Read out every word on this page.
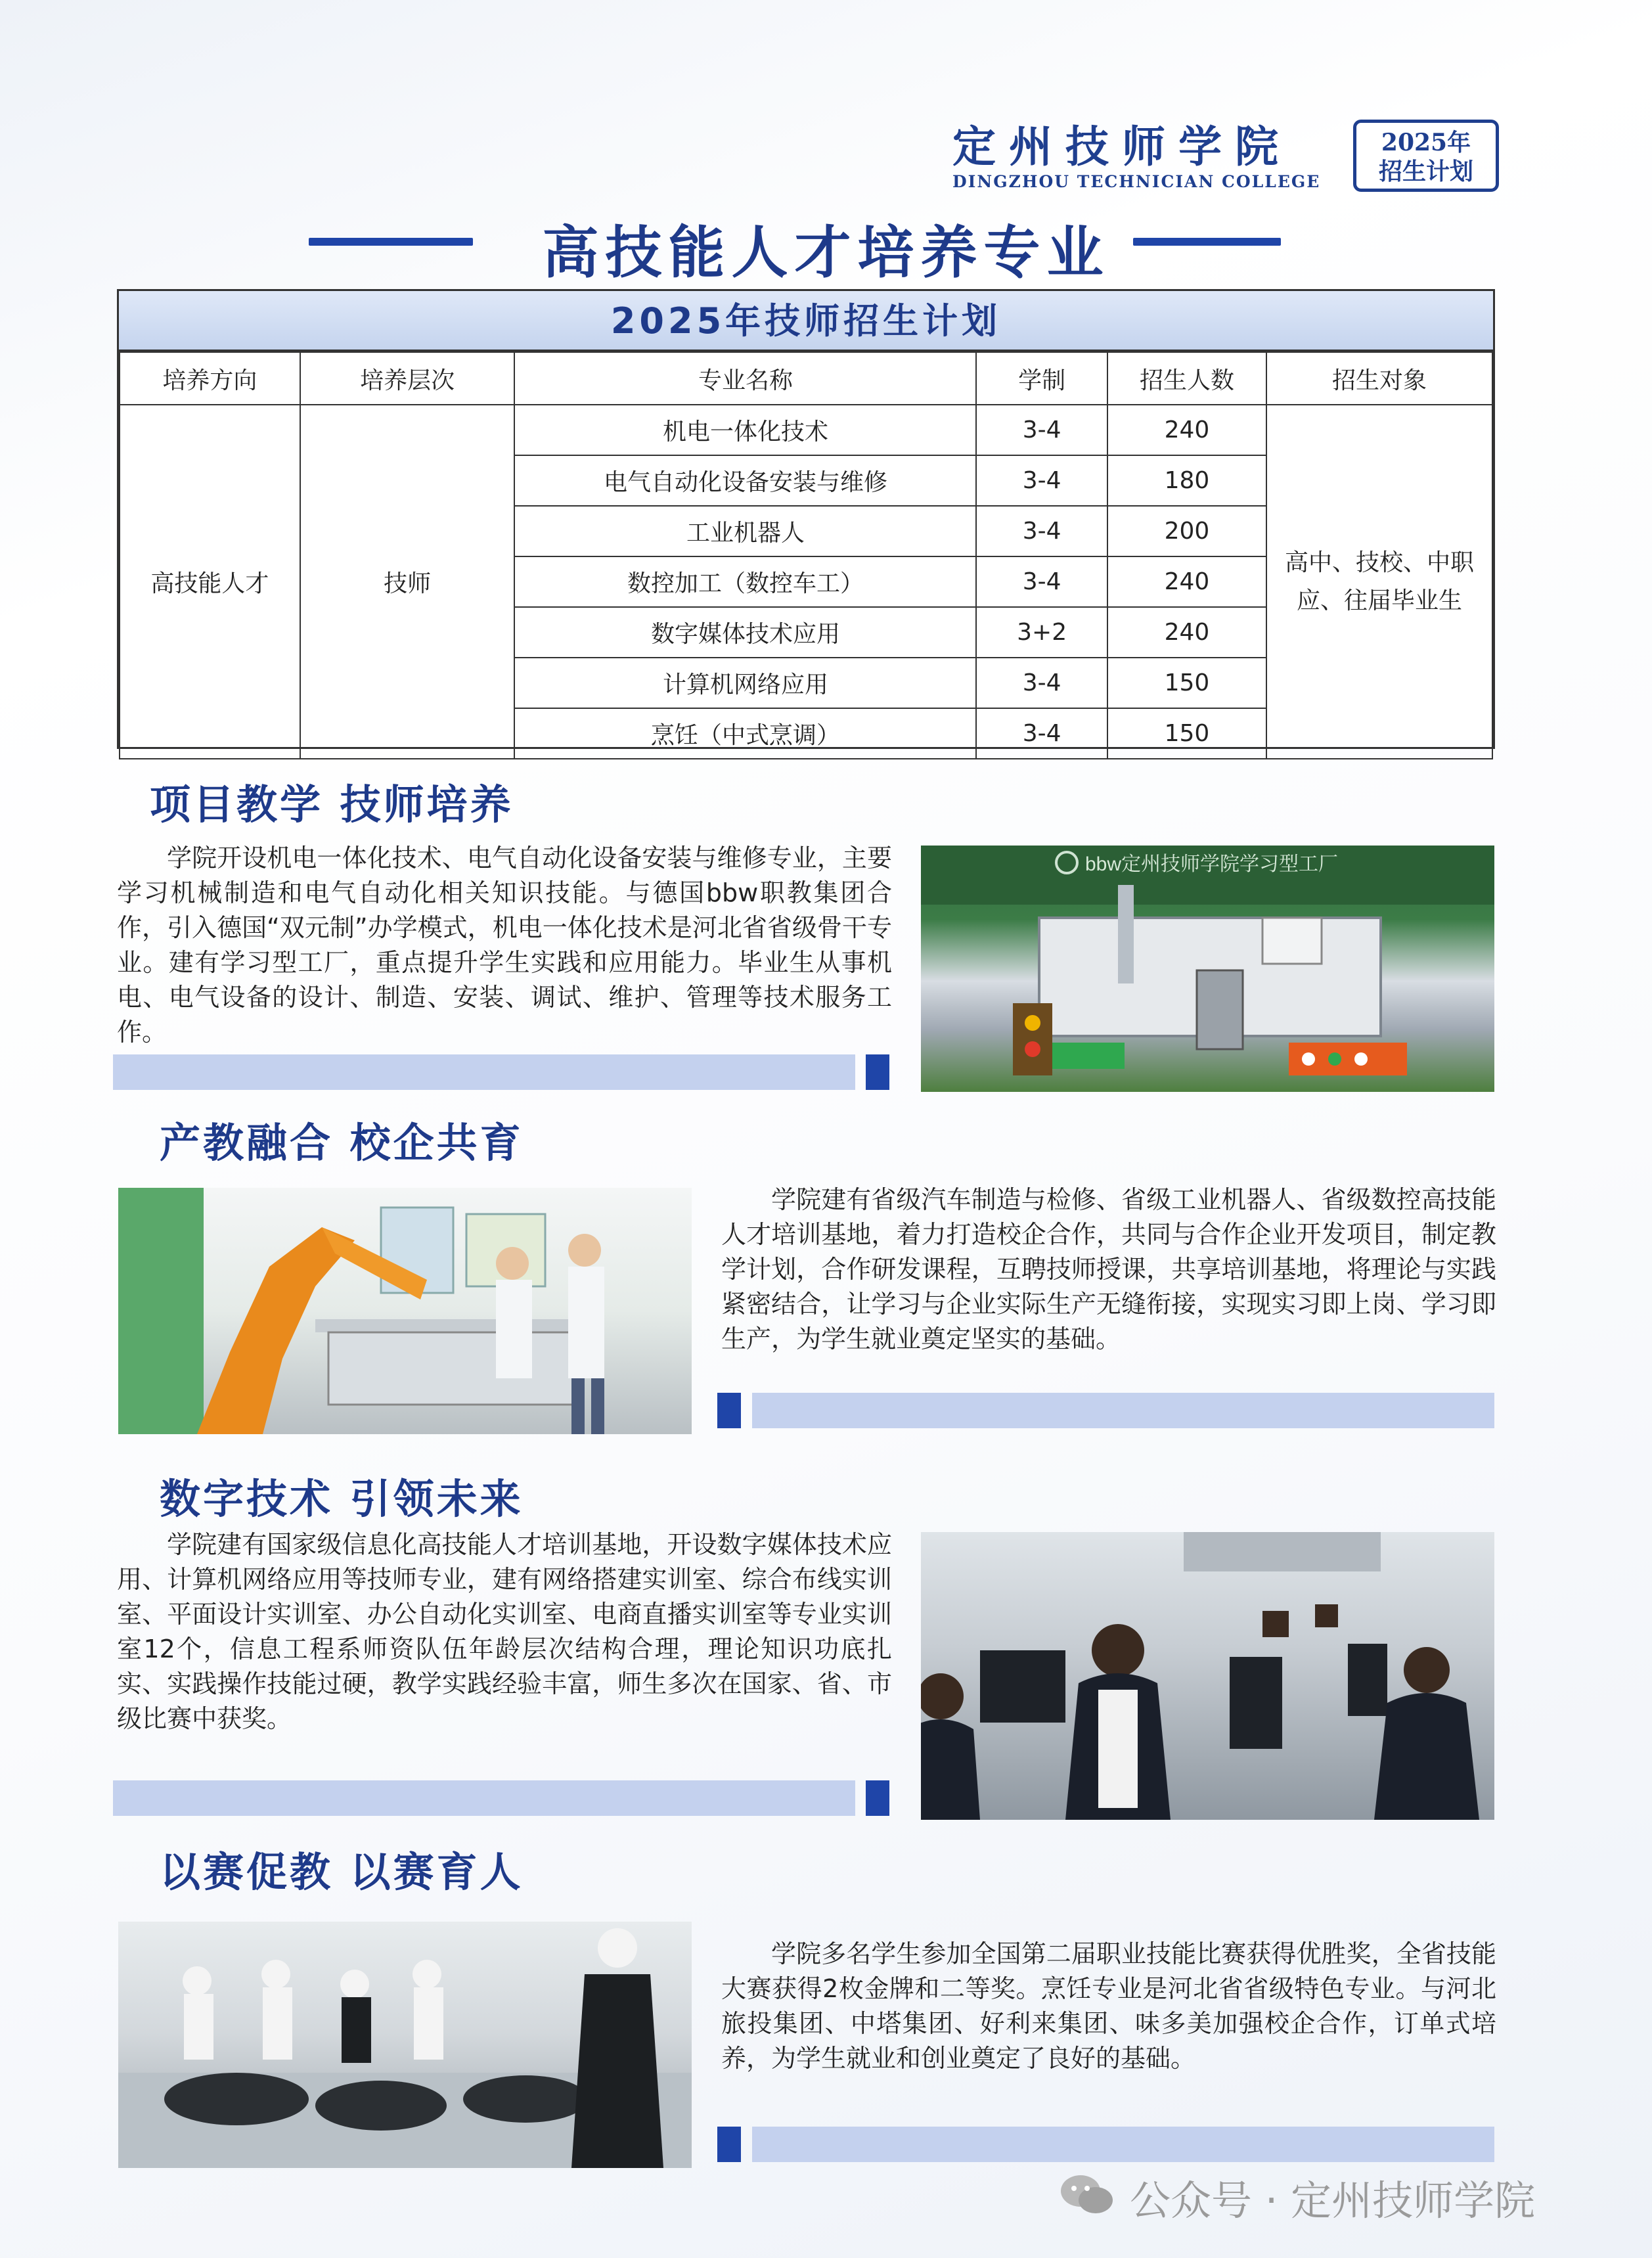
定州技师学院
DINGZHOU TECHNICIAN COLLEGE
2025年
招生计划
高技能人才培养专业
2025年技师招生计划
培养方向	培养层次	专业名称	学制	招生人数	招生对象
高技能人才	技师	机电一体化技术	3-4	240	高中、技校、中职应、往届毕业生
		电气自动化设备安装与维修	3-4	180	
		工业机器人	3-4	200	
		数控加工（数控车工）	3-4	240	
		数字媒体技术应用	3+2	240	
		计算机网络应用	3-4	150	
		烹饪（中式烹调）	3-4	150	
项目教学 技师培养
学院开设机电一体化技术、电气自动化设备安装与维修专业，主要学习机械制造和电气自动化相关知识技能。与德国bbw职教集团合作，引入德国“双元制”办学模式，机电一体化技术是河北省省级骨干专业。建有学习型工厂，重点提升学生实践和应用能力。毕业生从事机电、电气设备的设计、制造、安装、调试、维护、管理等技术服务工作。
bbw定州技师学院学习型工厂
产教融合 校企共育
学院建有省级汽车制造与检修、省级工业机器人、省级数控高技能人才培训基地，着力打造校企合作，共同与合作企业开发项目，制定教学计划，合作研发课程，互聘技师授课，共享培训基地，将理论与实践紧密结合，让学习与企业实际生产无缝衔接，实现实习即上岗、学习即生产，为学生就业奠定坚实的基础。
数字技术 引领未来
学院建有国家级信息化高技能人才培训基地，开设数字媒体技术应用、计算机网络应用等技师专业，建有网络搭建实训室、综合布线实训室、平面设计实训室、办公自动化实训室、电商直播实训室等专业实训室12个，信息工程系师资队伍年龄层次结构合理，理论知识功底扎实、实践操作技能过硬，教学实践经验丰富，师生多次在国家、省、市级比赛中获奖。
以赛促教 以赛育人
学院多名学生参加全国第二届职业技能比赛获得优胜奖，全省技能大赛获得2枚金牌和二等奖。烹饪专业是河北省省级特色专业。与河北旅投集团、中塔集团、好利来集团、味多美加强校企合作，订单式培养，为学生就业和创业奠定了良好的基础。
公众号 · 定州技师学院
